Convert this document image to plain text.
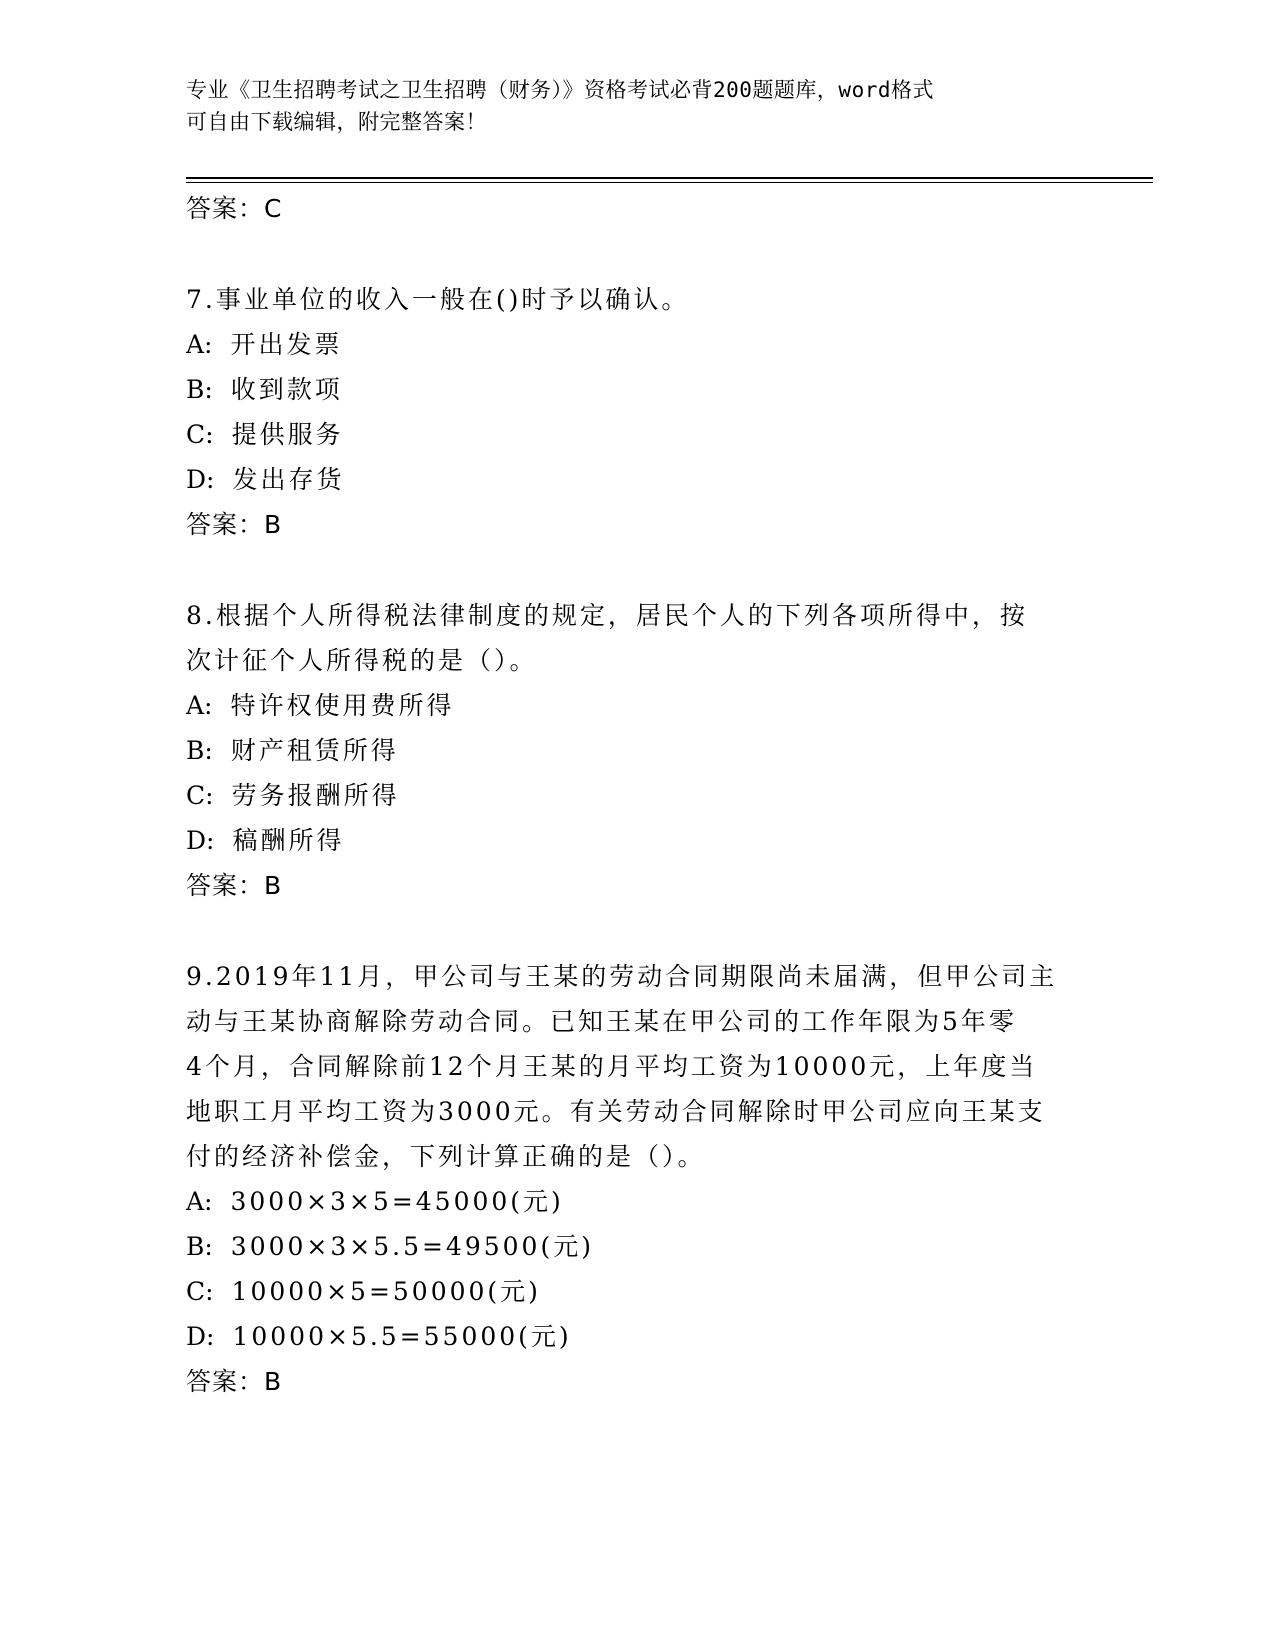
专业《卫生招聘考试之卫生招聘（财务）》资格考试必背200题题库，word格式
可自由下载编辑，附完整答案！
答案：C
7.事业单位的收入一般在()时予以确认。
A: 开出发票
B: 收到款项
C: 提供服务
D: 发出存货
答案：B
8.根据个人所得税法律制度的规定，居民个人的下列各项所得中，按
次计征个人所得税的是（）。
A: 特许权使用费所得
B: 财产租赁所得
C: 劳务报酬所得
D: 稿酬所得
答案：B
9.2019年11月，甲公司与王某的劳动合同期限尚未届满，但甲公司主
动与王某协商解除劳动合同。已知王某在甲公司的工作年限为5年零
4个月，合同解除前12个月王某的月平均工资为10000元，上年度当
地职工月平均工资为3000元。有关劳动合同解除时甲公司应向王某支
付的经济补偿金，下列计算正确的是（）。
A: 3000×3×5=45000(元)
B: 3000×3×5.5=49500(元)
C: 10000×5=50000(元)
D: 10000×5.5=55000(元)
答案：B
